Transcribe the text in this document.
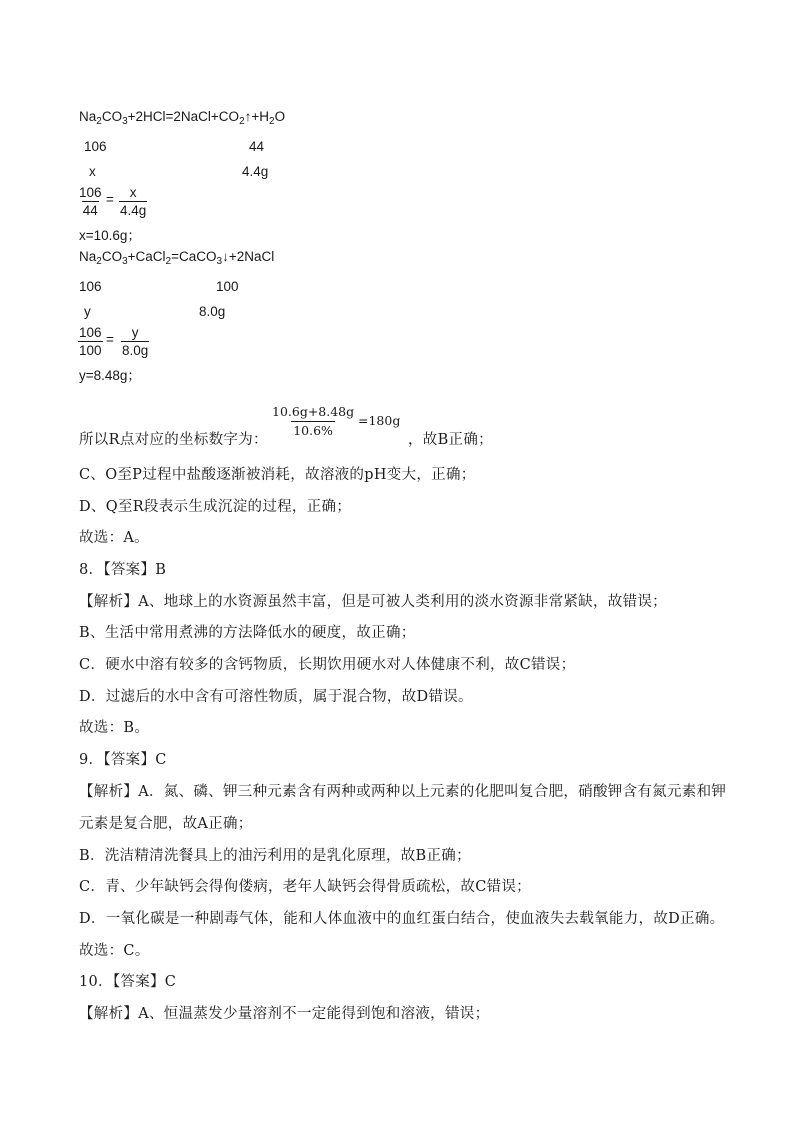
$Na_2CO_3+2HCl=2NaCl+CO_2↑+H_2O$
106	44
x	4.4g
$\frac{106}{44} = \frac{x}{4.4g}$
x=10.6g；
$Na_2CO_3+CaCl_2=CaCO_3↓+2NaCl$
106	100
y	8.0g
$\frac{106}{100} = \frac{y}{8.0g}$
y=8.48g；
所以R点对应的坐标数字为：
$\frac{10.6g+8.48g}{10.6\%} =180g$
，故B正确；
C、O至P过程中盐酸逐渐被消耗，故溶液的pH变大，正确；
D、Q至R段表示生成沉淀的过程，正确；
故选：A。
8．【答案】B
【解析】A、地球上的水资源虽然丰富，但是可被人类利用的淡水资源非常紧缺，故错误；
B、生活中常用煮沸的方法降低水的硬度，故正确；
C．硬水中溶有较多的含钙物质，长期饮用硬水对人体健康不利，故C错误；
D．过滤后的水中含有可溶性物质，属于混合物，故D错误。
故选：B。
9．【答案】C
【解析】A．氮、磷、钾三种元素含有两种或两种以上元素的化肥叫复合肥，硝酸钾含有氮元素和钾
元素是复合肥，故A正确；
B．洗洁精清洗餐具上的油污利用的是乳化原理，故B正确；
C．青、少年缺钙会得佝偻病，老年人缺钙会得骨质疏松，故C错误；
D．一氧化碳是一种剧毒气体，能和人体血液中的血红蛋白结合，使血液失去载氧能力，故D正确。
故选：C。
10．【答案】C
【解析】A、恒温蒸发少量溶剂不一定能得到饱和溶液，错误；
